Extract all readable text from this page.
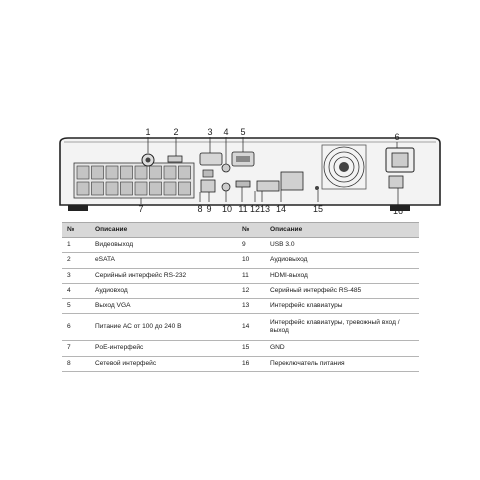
1	2	3 4 5	6
7	8 9 10 11 12 13 14	15	16
№	Описание	№	Описание
1	Видеовыход	9	USB 3.0
2	eSATA	10	Аудиовыход
3	Серийный интерфейс RS-232	11	HDMI-выход
4	Аудиовход	12	Серийный интерфейс RS-485
5	Выход VGA	13	Интерфейс клавиатуры
6	Питание АС от 100 до 240 В	14	Интерфейс клавиатуры, тревожный вход / выход
7	PoE-интерфейс	15	GND
8	Сетевой интерфейс	16	Переключатель питания
